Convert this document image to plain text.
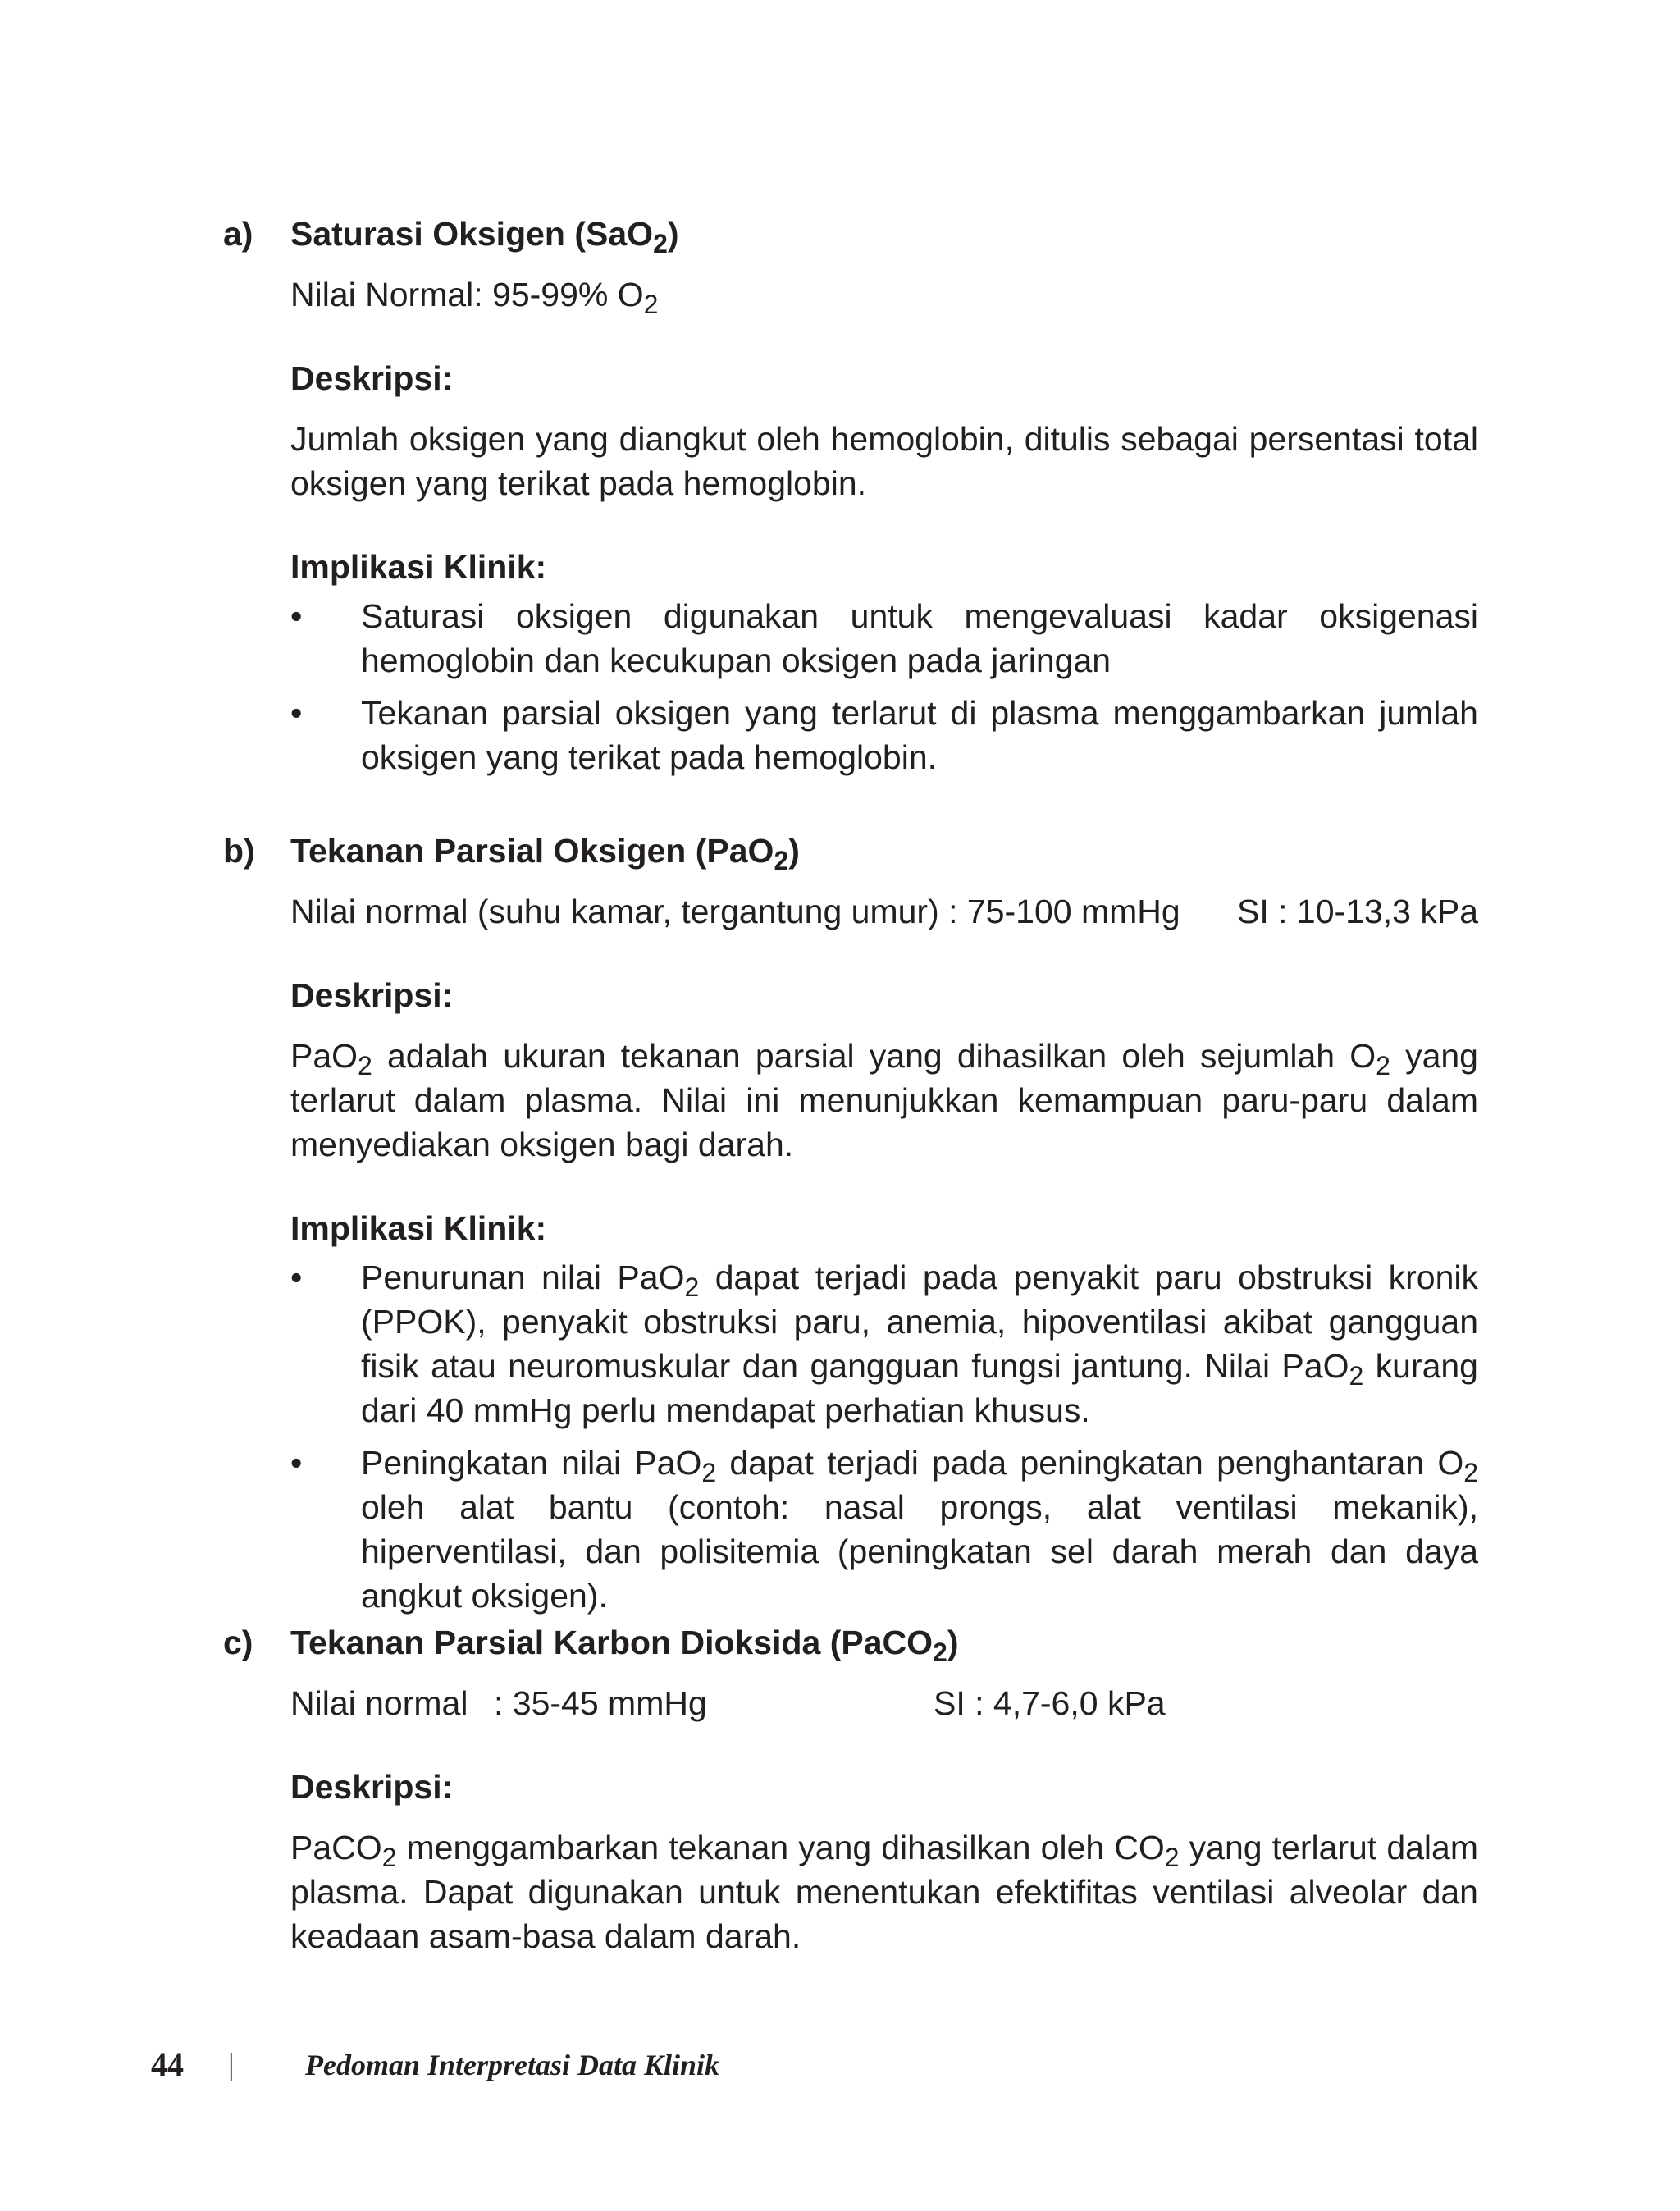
a) Saturasi Oksigen (SaO$_2$)

Nilai Normal: 95-99% $O_2$

Deskripsi:

Jumlah oksigen yang diangkut oleh hemoglobin, ditulis sebagai persentasi total oksigen yang terikat pada hemoglobin.

Implikasi Klinik:

• Saturasi oksigen digunakan untuk mengevaluasi kadar oksigenasi hemoglobin dan kecukupan oksigen pada jaringan
• Tekanan parsial oksigen yang terlarut di plasma menggambarkan jumlah oksigen yang terikat pada hemoglobin.
b) Tekanan Parsial Oksigen (PaO$_2$)

Nilai normal (suhu kamar, tergantung umur) : 75-100 mmHg SI : 10-13,3 kPa

Deskripsi:

PaO$_2$ adalah ukuran tekanan parsial yang dihasilkan oleh sejumlah $O_2$ yang terlarut dalam plasma. Nilai ini menunjukkan kemampuan paru-paru dalam menyediakan oksigen bagi darah.

Implikasi Klinik:

• Penurunan nilai PaO$_2$ dapat terjadi pada penyakit paru obstruksi kronik (PPOK), penyakit obstruksi paru, anemia, hipoventilasi akibat gangguan fisik atau neuromuskular dan gangguan fungsi jantung. Nilai PaO$_2$ kurang dari 40 mmHg perlu mendapat perhatian khusus.
• Peningkatan nilai PaO$_2$ dapat terjadi pada peningkatan penghantaran $O_2$ oleh alat bantu (contoh: nasal prongs, alat ventilasi mekanik), hiperventilasi, dan polisitemia (peningkatan sel darah merah dan daya angkut oksigen).
c) Tekanan Parsial Karbon Dioksida (PaCO$_2$)

Nilai normal : 35-45 mmHg	SI : 4,7-6,0 kPa

Deskripsi:

PaCO$_2$ menggambarkan tekanan yang dihasilkan oleh $CO_2$ yang terlarut dalam plasma. Dapat digunakan untuk menentukan efektifitas ventilasi alveolar dan keadaan asam-basa dalam darah.

44 | Pedoman Interpretasi Data Klinik
